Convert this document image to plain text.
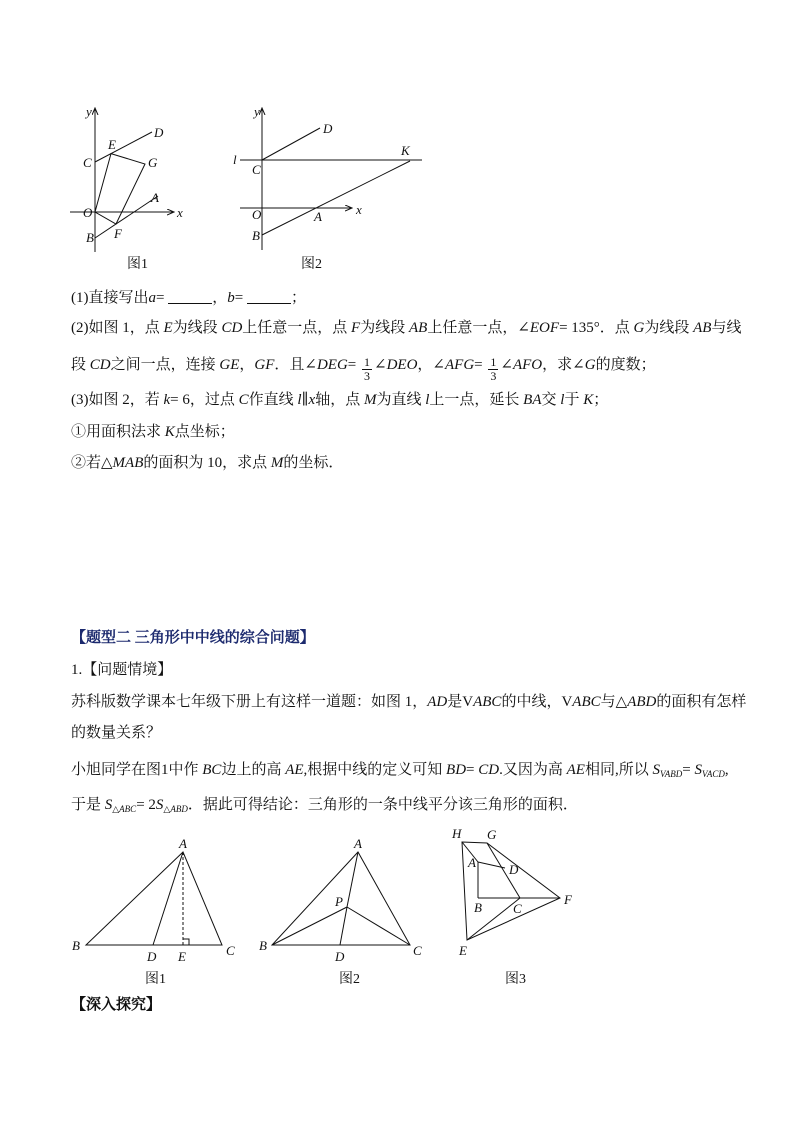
y
x
O
C
E
D
G
A
F
B
图1
y
x
l
C
D
K
O	A
B
图2
(1)直接写出 a =	， b =	；
(2)如图 1，点 E 为线段 CD 上任意一点，点 F 为线段 AB 上任意一点，∠ EOF = 135°．点 G 为线段 AB 与线
段 CD 之间一点，连接 GE ， GF ．且∠ DEG = $\frac{1}{3}$ ∠ DEO ，∠ AFG = $\frac{1}{3}$ ∠ AFO ，求∠ G 的度数；
(3)如图 2，若 k = 6，过点 C 作直线 l ∥ x 轴，点 M 为直线 l 上一点，延长 BA 交 l 于 K ；
①用面积法求 K 点坐标；
②若△ MAB 的面积为 10，求点 M 的坐标．
【题型二 三角形中中线的综合问题】
1.【问题情境】
苏科版数学课本七年级下册上有这样一道题：如图 1， AD 是V ABC 的中线，V ABC 与△ ABD 的面积有怎样
的数量关系？
小旭同学在图1中作 BC 边上的高 AE ,根据中线的定义可知 BD = CD .又因为高 AE 相同,所以 S VABD = S VACD ,
于是 S △ABC = 2 S △ABD ．据此可得结论：三角形的一条中线平分该三角形的面积．
A
B
D E	C
图1
A
P
B
D	C
图2
H G
A	D
B C
F
E
图3
【深入探究】
